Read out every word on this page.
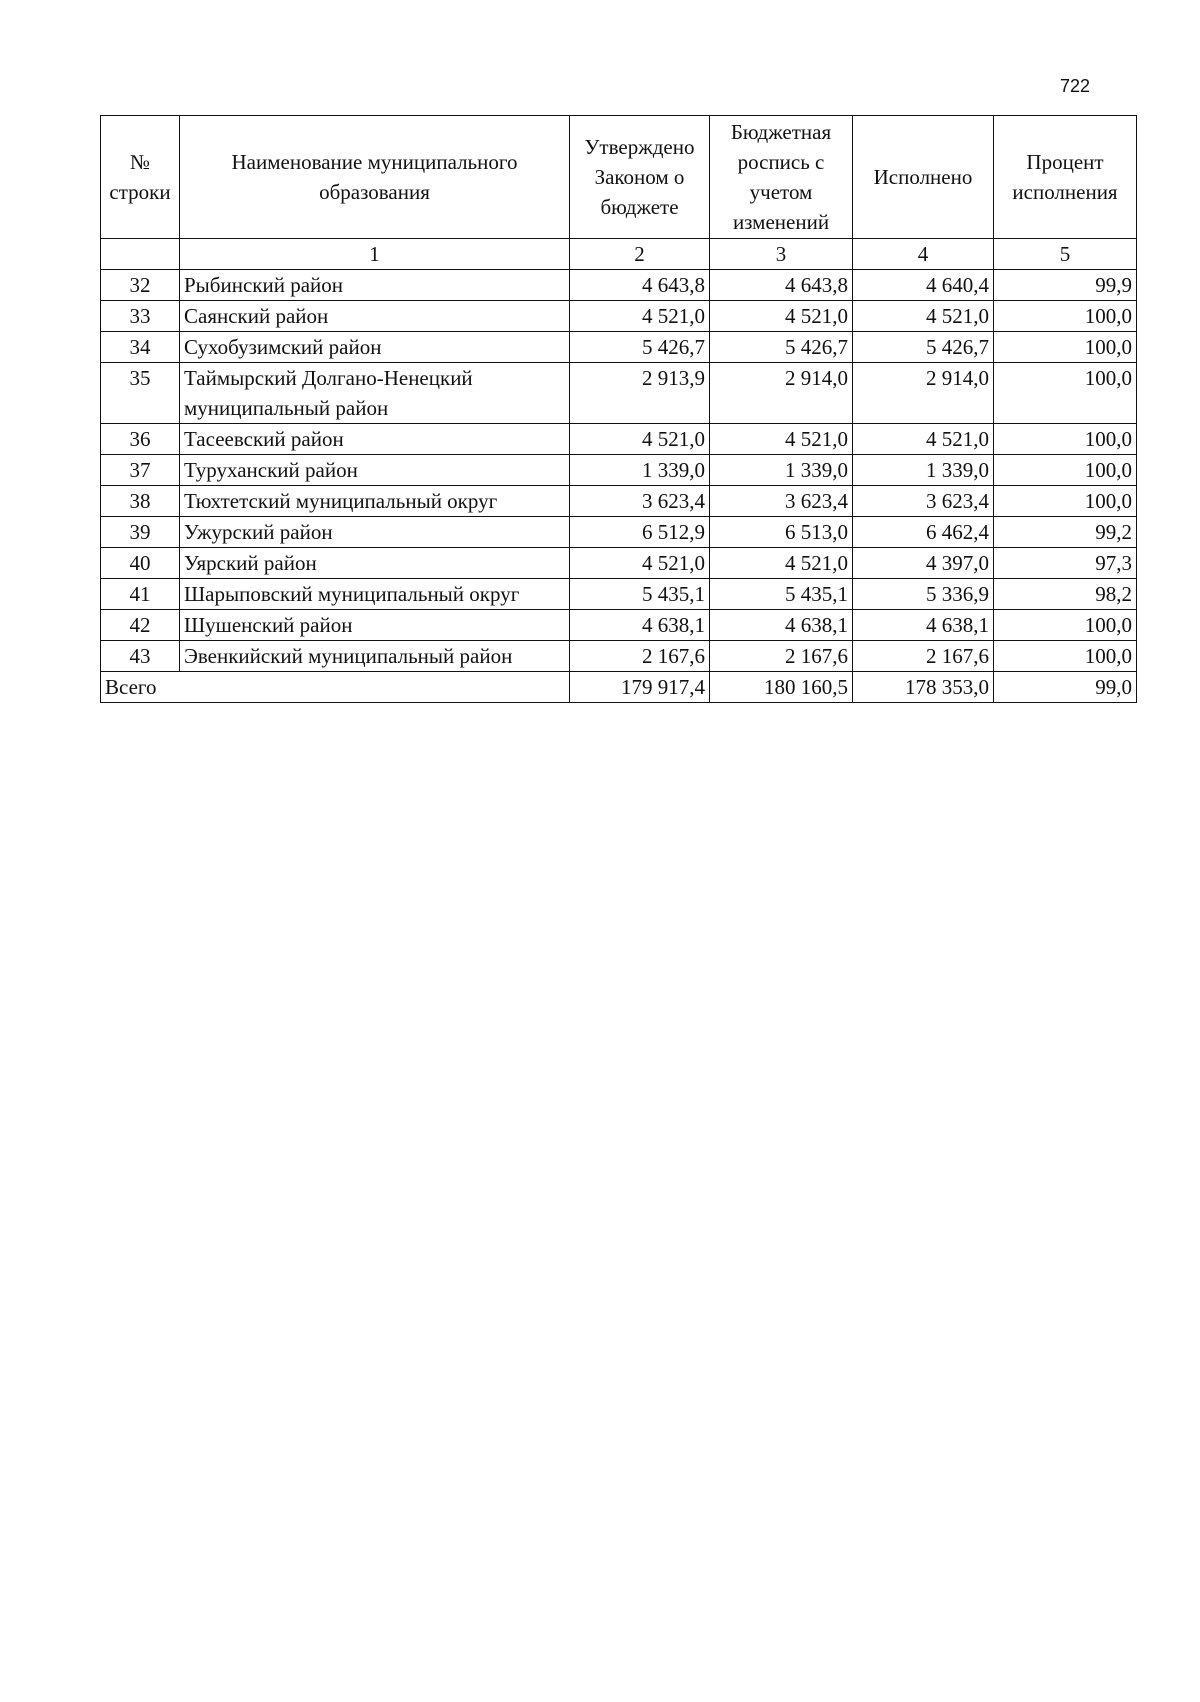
722
№ строки	Наименование муниципального образования	Утверждено Законом о бюджете	Бюджетная роспись с учетом изменений	Исполнено	Процент исполнения
	1	2	3	4	5
32	Рыбинский район	4 643,8	4 643,8	4 640,4	99,9
33	Саянский район	4 521,0	4 521,0	4 521,0	100,0
34	Сухобузимский район	5 426,7	5 426,7	5 426,7	100,0
35	Таймырский Долгано-Ненецкий муниципальный район	2 913,9	2 914,0	2 914,0	100,0
36	Тасеевский район	4 521,0	4 521,0	4 521,0	100,0
37	Туруханский район	1 339,0	1 339,0	1 339,0	100,0
38	Тюхтетский муниципальный округ	3 623,4	3 623,4	3 623,4	100,0
39	Ужурский район	6 512,9	6 513,0	6 462,4	99,2
40	Уярский район	4 521,0	4 521,0	4 397,0	97,3
41	Шарыповский муниципальный округ	5 435,1	5 435,1	5 336,9	98,2
42	Шушенский район	4 638,1	4 638,1	4 638,1	100,0
43	Эвенкийский муниципальный район	2 167,6	2 167,6	2 167,6	100,0
Всего		179 917,4	180 160,5	178 353,0	99,0
